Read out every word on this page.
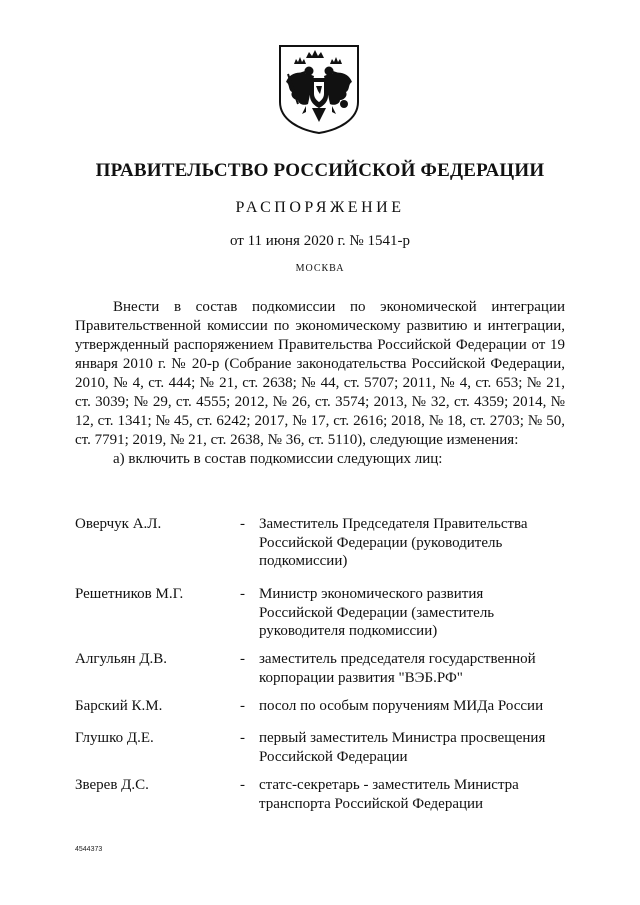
ПРАВИТЕЛЬСТВО РОССИЙСКОЙ ФЕДЕРАЦИИ
РАСПОРЯЖЕНИЕ
от 11 июня 2020 г. № 1541-р
МОСКВА

Внести в состав подкомиссии по экономической интеграции Правительственной комиссии по экономическому развитию и интеграции, утвержденный распоряжением Правительства Российской Федерации от 19 января 2010 г. № 20-р (Собрание законодательства Российской Федерации, 2010, № 4, ст. 444; № 21, ст. 2638; № 44, ст. 5707; 2011, № 4, ст. 653; № 21, ст. 3039; № 29, ст. 4555; 2012, № 26, ст. 3574; 2013, № 32, ст. 4359; 2014, № 12, ст. 1341; № 45, ст. 6242; 2017, № 17, ст. 2616; 2018, № 18, ст. 2703; № 50, ст. 7791; 2019, № 21, ст. 2638, № 36, ст. 5110), следующие изменения:

а) включить в состав подкомиссии следующих лиц:

Оверчук А.Л.	- Заместитель Председателя Правительства Российской Федерации (руководитель подкомиссии)
Решетников М.Г.	- Министр экономического развития Российской Федерации (заместитель руководителя подкомиссии)
Алгульян Д.В.	- заместитель председателя государственной корпорации развития "ВЭБ.РФ"
Барский К.М.	- посол по особым поручениям МИДа России
Глушко Д.Е.	- первый заместитель Министра просвещения Российской Федерации
Зверев Д.С.	- статс-секретарь - заместитель Министра транспорта Российской Федерации
4544373
